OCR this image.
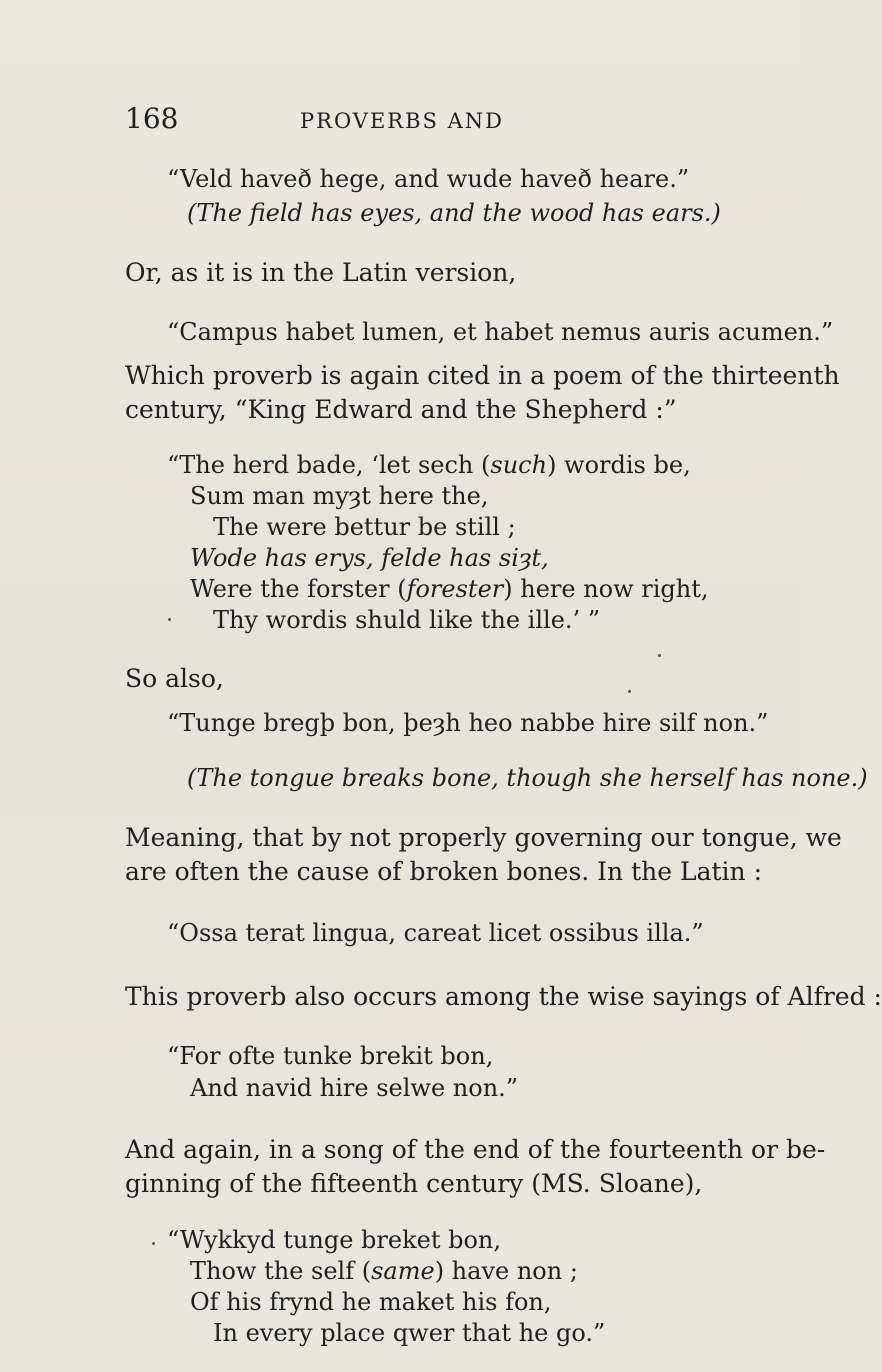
168	PROVERBS AND
“Veld haveð hege, and wude haveð heare.”
(The field has eyes, and the wood has ears.)
Or, as it is in the Latin version,
“Campus habet lumen, et habet nemus auris acumen.”
Which proverb is again cited in a poem of the thirteenth
century, “King Edward and the Shepherd :”
“The herd bade, ‘let sech (such) wordis be,
Sum man myȝt here the,
The were bettur be still ;
Wode has erys, felde has siȝt,
Were the forster (forester) here now right,
Thy wordis shuld like the ille.’ ”
So also,
“Tunge bregþ bon, þeȝh heo nabbe hire silf non.”
(The tongue breaks bone, though she herself has none.)
Meaning, that by not properly governing our tongue, we
are often the cause of broken bones. In the Latin :
“Ossa terat lingua, careat licet ossibus illa.”
This proverb also occurs among the wise sayings of Alfred :
“For ofte tunke brekit bon,
And navid hire selwe non.”
And again, in a song of the end of the fourteenth or be-
ginning of the fifteenth century (MS. Sloane),
“Wykkyd tunge breket bon,
Thow the self (same) have non ;
Of his frynd he maket his fon,
In every place qwer that he go.”
